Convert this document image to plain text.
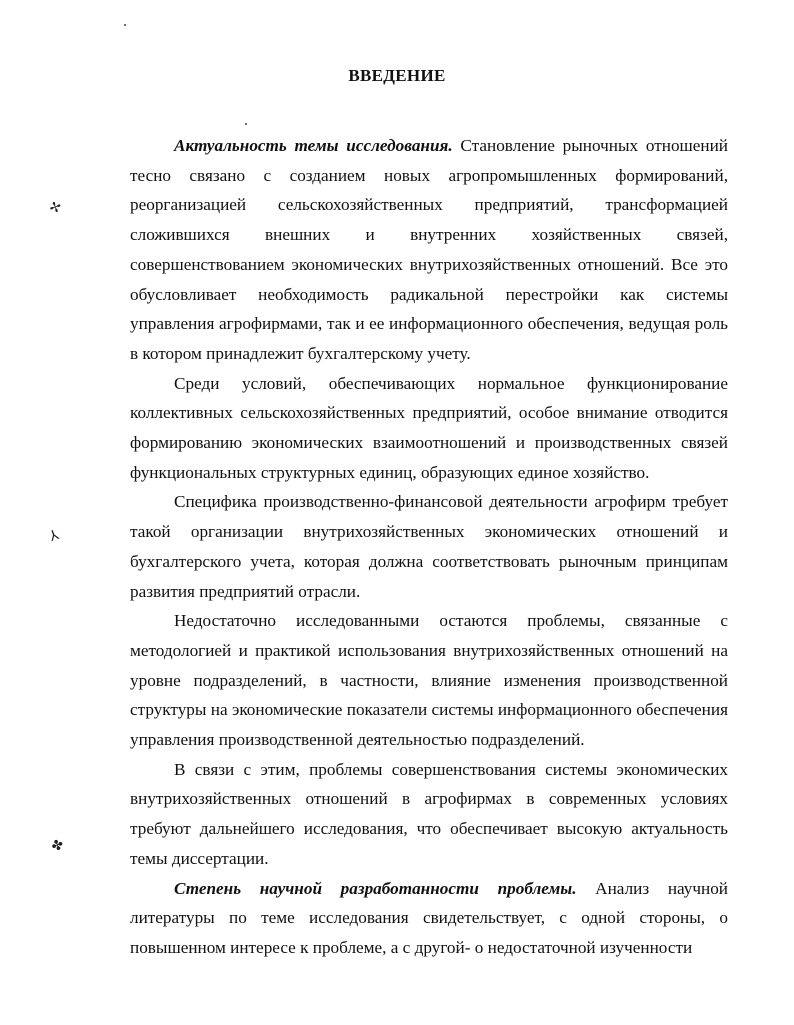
ВВЕДЕНИЕ

Актуальность темы исследования. Становление рыночных отношений тесно связано с созданием новых агропромышленных формирований, реорганизацией сельскохозяйственных предприятий, трансформацией сложившихся внешних и внутренних хозяйственных связей, совершенствованием экономических внутрихозяйственных отношений. Все это обусловливает необходимость радикальной перестройки как системы управления агрофирмами, так и ее информационного обеспечения, ведущая роль в котором принадлежит бухгалтерскому учету.

Среди условий, обеспечивающих нормальное функционирование коллективных сельскохозяйственных предприятий, особое внимание отводится формированию экономических взаимоотношений и производственных связей функциональных структурных единиц, образующих единое хозяйство.

Специфика производственно-финансовой деятельности агрофирм требует такой организации внутрихозяйственных экономических отношений и бухгалтерского учета, которая должна соответствовать рыночным принципам развития предприятий отрасли.

Недостаточно исследованными остаются проблемы, связанные с методологией и практикой использования внутрихозяйственных отношений на уровне подразделений, в частности, влияние изменения производственной структуры на экономические показатели системы информационного обеспечения управления производственной деятельностью подразделений.

В связи с этим, проблемы совершенствования системы экономических внутрихозяйственных отношений в агрофирмах в современных условиях требуют дальнейшего исследования, что обеспечивает высокую актуальность темы диссертации.

Степень научной разработанности проблемы. Анализ научной литературы по теме исследования свидетельствует, с одной стороны, о повышенном интересе к проблеме, а с другой- о недостаточной изученности

✢
⅄
✤
